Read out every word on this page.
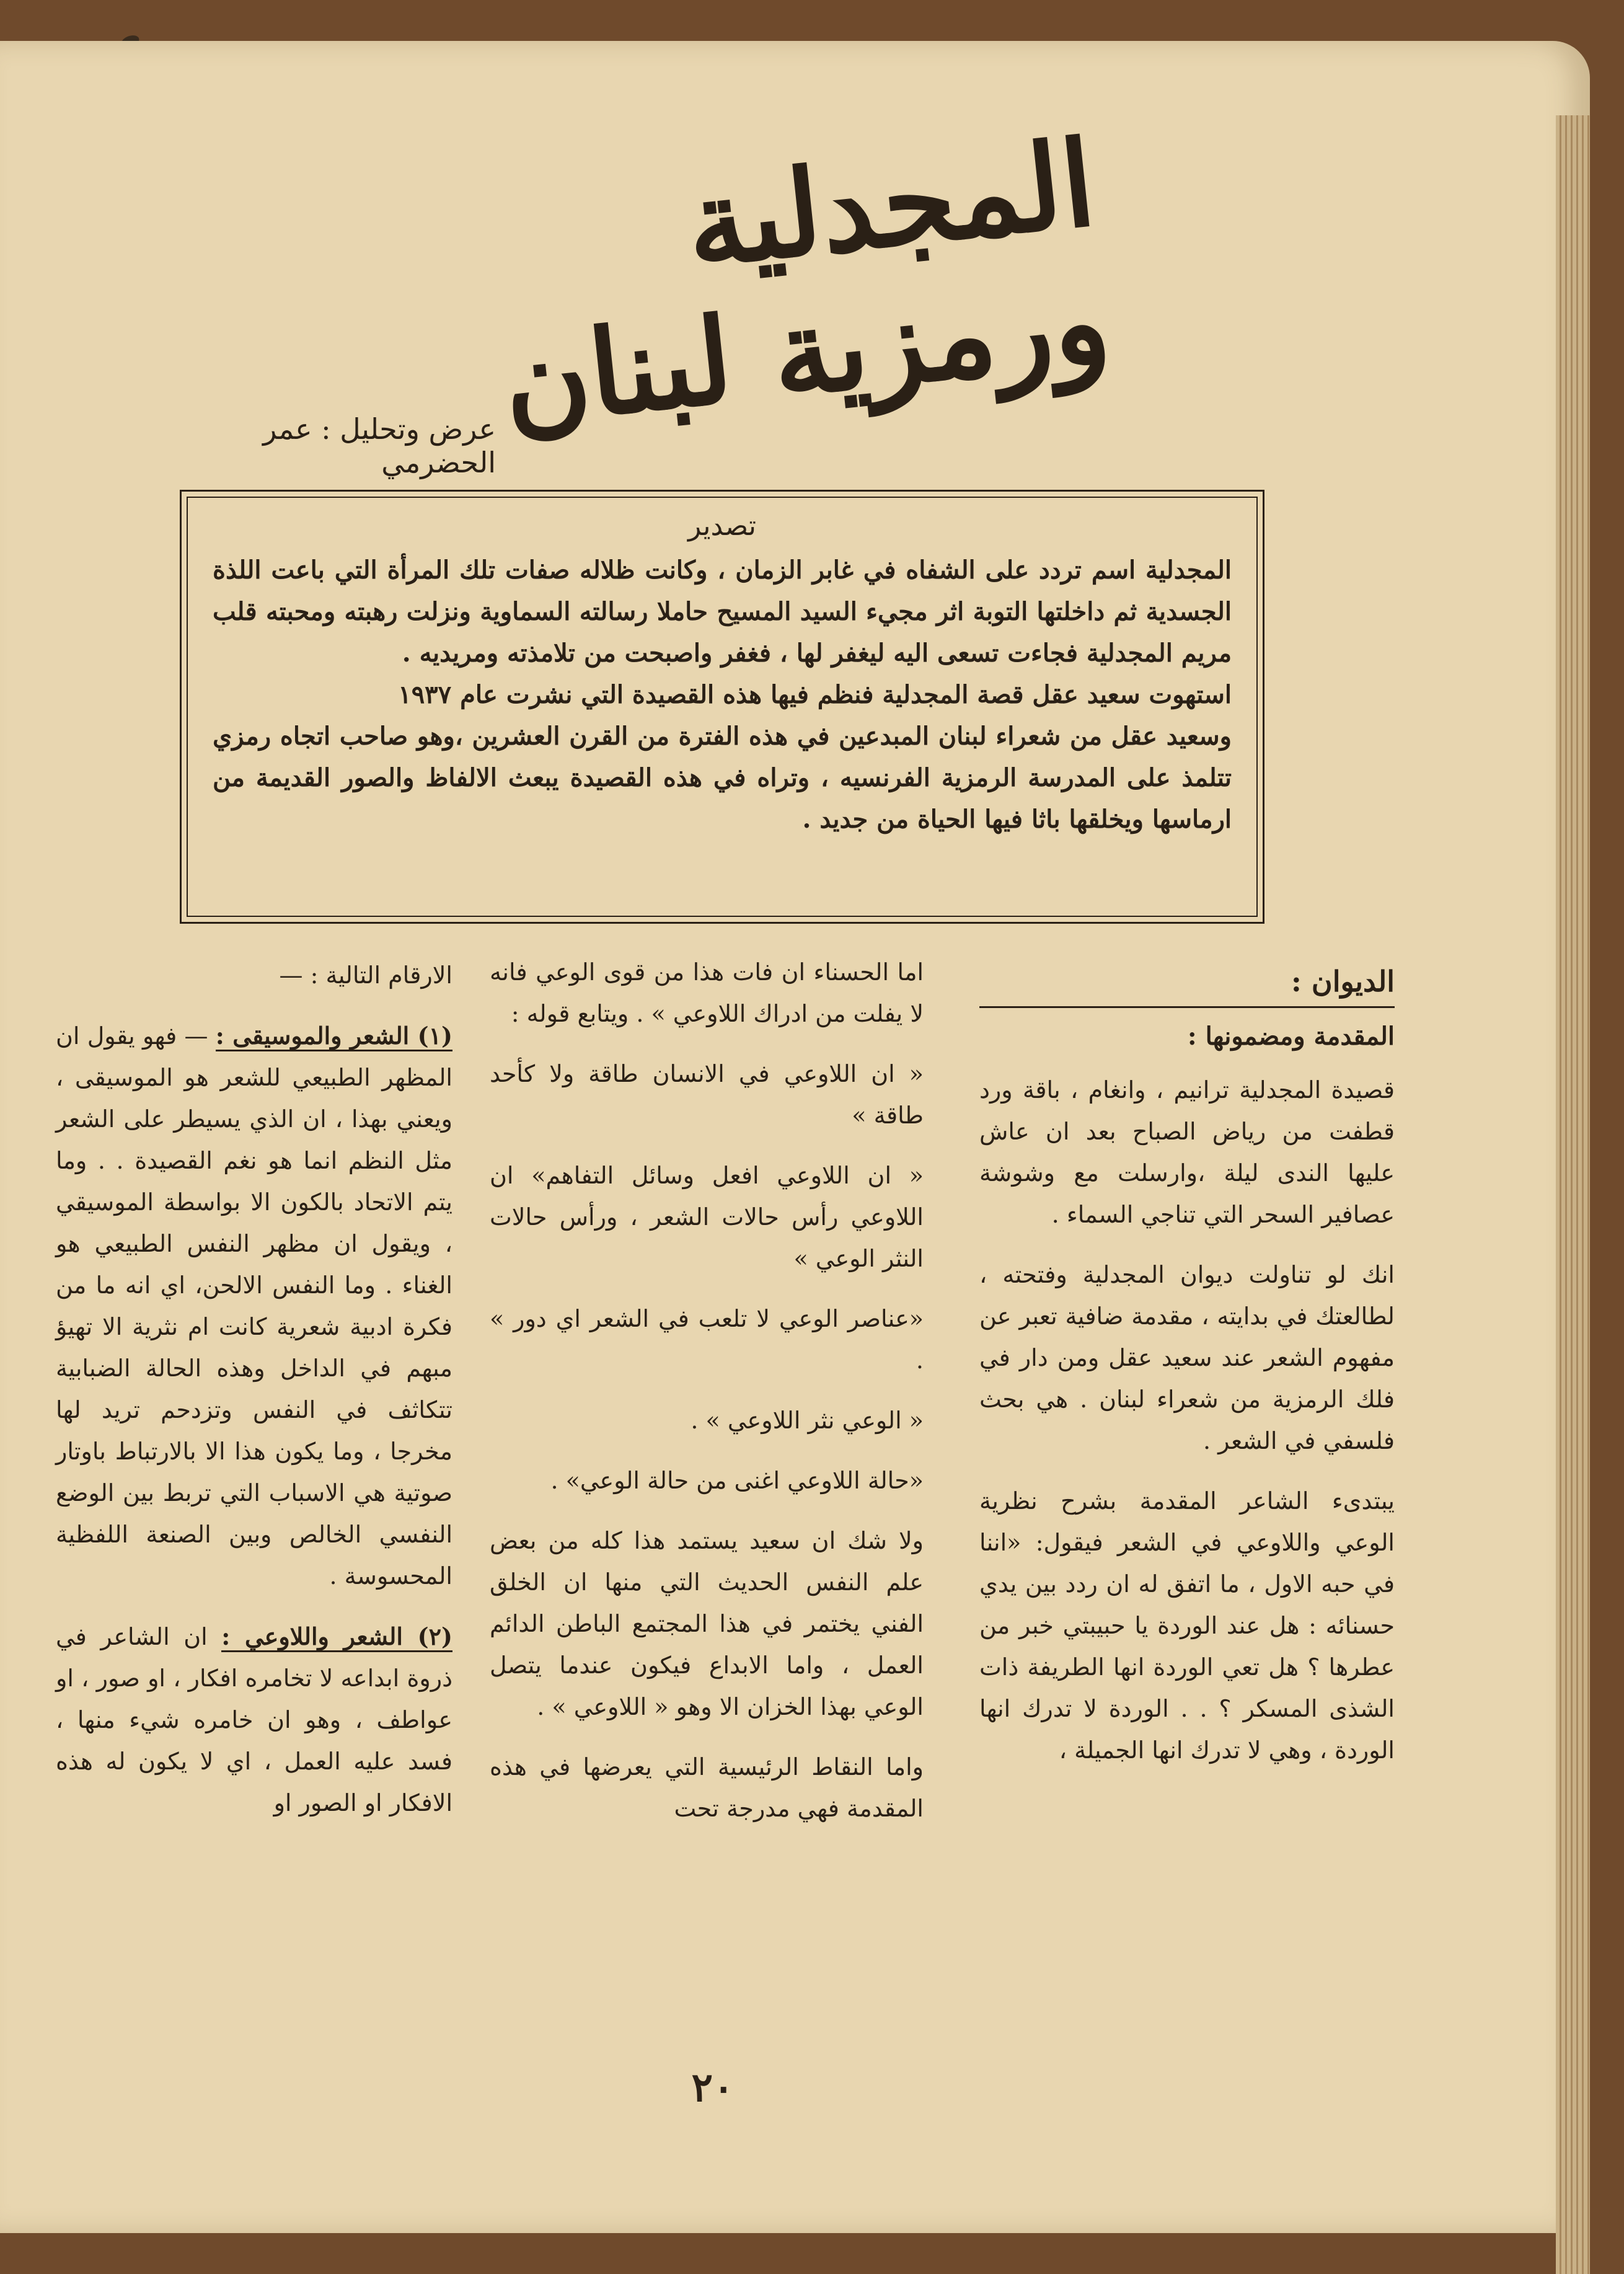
المجدلية ورمزية لبنان
عرض وتحليل : عمر الحضرمي
تصدير

المجدلية اسم تردد على الشفاه في غابر الزمان ، وكانت ظلاله صفات تلك المرأة التي باعت اللذة الجسدية ثم داخلتها التوبة اثر مجيء السيد المسيح حاملا رسالته السماوية ونزلت رهبته ومحبته قلب مريم المجدلية فجاءت تسعى اليه ليغفر لها ، فغفر واصبحت من تلامذته ومريديه .

استهوت سعيد عقل قصة المجدلية فنظم فيها هذه القصيدة التي نشرت عام ١٩٣٧

وسعيد عقل من شعراء لبنان المبدعين في هذه الفترة من القرن العشرين ،وهو صاحب اتجاه رمزي تتلمذ على المدرسة الرمزية الفرنسيه ، وتراه في هذه القصيدة يبعث الالفاظ والصور القديمة من ارماسها ويخلقها باثا فيها الحياة من جديد .

الديوان :
المقدمة ومضمونها :

قصيدة المجدلية ترانيم ، وانغام ، باقة ورد قطفت من رياض الصباح بعد ان عاش عليها الندى ليلة ،وارسلت مع وشوشة عصافير السحر التي تناجي السماء .

انك لو تناولت ديوان المجدلية وفتحته ، لطالعتك في بدايته ، مقدمة ضافية تعبر عن مفهوم الشعر عند سعيد عقل ومن دار في فلك الرمزية من شعراء لبنان . هي بحث فلسفي في الشعر .

يبتدىء الشاعر المقدمة بشرح نظرية الوعي واللاوعي في الشعر فيقول: «اننا في حبه الاول ، ما اتفق له ان ردد بين يدي حسنائه : هل عند الوردة يا حبيبتي خبر من عطرها ؟ هل تعي الوردة انها الطريفة ذات الشذى المسكر ؟ . . الوردة لا تدرك انها الوردة ، وهي لا تدرك انها الجميلة ،

اما الحسناء ان فات هذا من قوى الوعي فانه لا يفلت من ادراك اللاوعي » . ويتابع قوله :

« ان اللاوعي في الانسان طاقة ولا كأحد طاقة »

« ان اللاوعي افعل وسائل التفاهم» ان اللاوعي رأس حالات الشعر ، ورأس حالات النثر الوعي »

«عناصر الوعي لا تلعب في الشعر اي دور » .

« الوعي نثر اللاوعي » .

«حالة اللاوعي اغنى من حالة الوعي» .

ولا شك ان سعيد يستمد هذا كله من بعض علم النفس الحديث التي منها ان الخلق الفني يختمر في هذا المجتمع الباطن الدائم العمل ، واما الابداع فيكون عندما يتصل الوعي بهذا الخزان الا وهو « اللاوعي » .

واما النقاط الرئيسية التي يعرضها في هذه المقدمة فهي مدرجة تحت

الارقام التالية : —

(١) الشعر والموسيقى : — فهو يقول ان المظهر الطبيعي للشعر هو الموسيقى ، ويعني بهذا ، ان الذي يسيطر على الشعر مثل النظم انما هو نغم القصيدة . . وما يتم الاتحاد بالكون الا بواسطة الموسيقي ، ويقول ان مظهر النفس الطبيعي هو الغناء . وما النفس الالحن، اي انه ما من فكرة ادبية شعرية كانت ام نثرية الا تهيؤ مبهم في الداخل وهذه الحالة الضبابية تتكاثف في النفس وتزدحم تريد لها مخرجا ، وما يكون هذا الا بالارتباط باوتار صوتية هي الاسباب التي تربط بين الوضع النفسي الخالص وبين الصنعة اللفظية المحسوسة .

(٢) الشعر واللاوعي : ان الشاعر في ذروة ابداعه لا تخامره افكار ، او صور ، او عواطف ، وهو ان خامره شيء منها ، فسد عليه العمل ، اي لا يكون له هذه الافكار او الصور او

٢٠
